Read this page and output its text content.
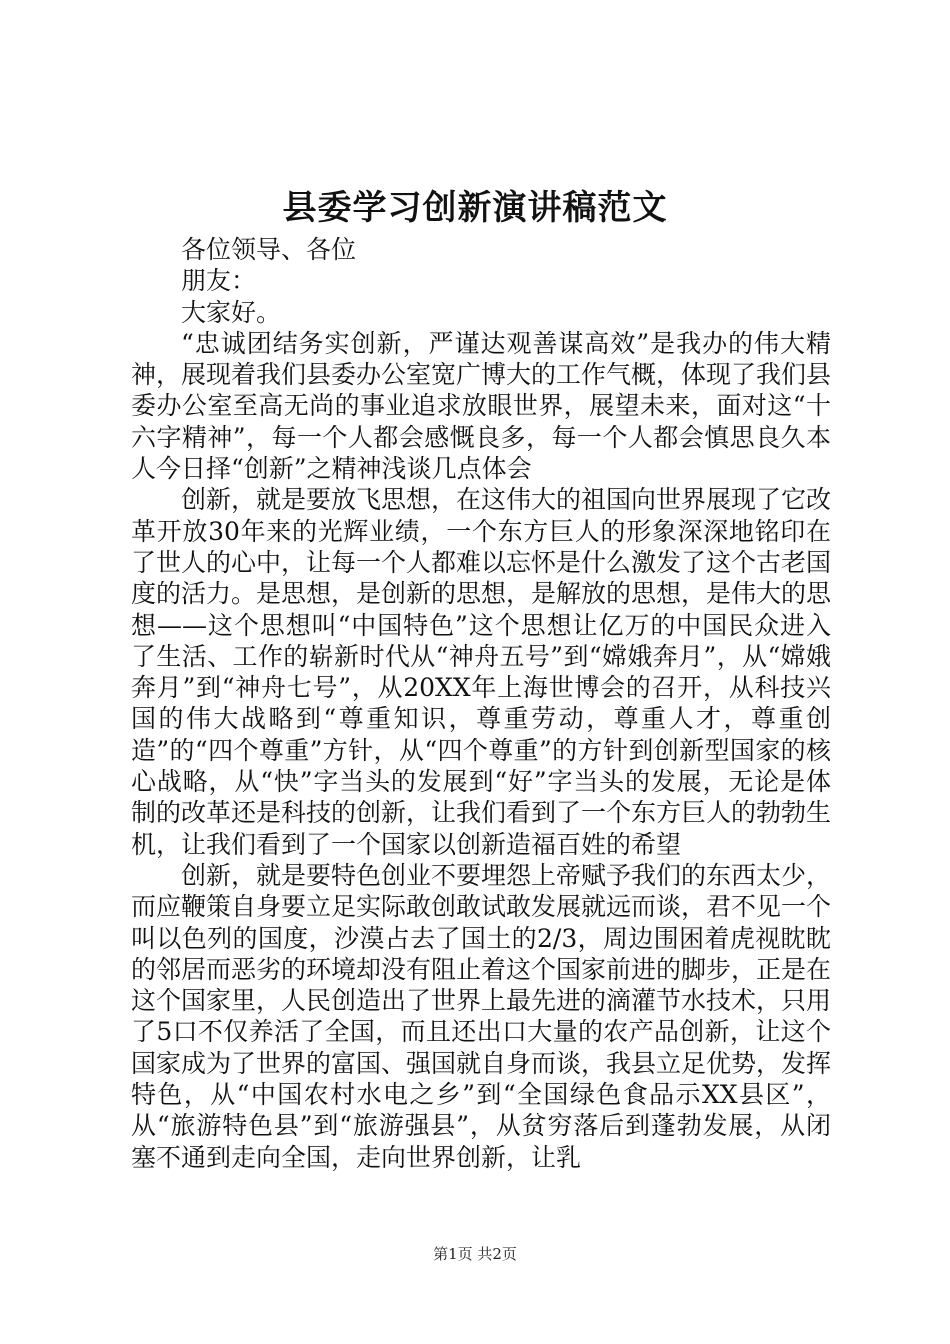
县委学习创新演讲稿范文

各位领导、各位

朋友：

大家好。

“忠诚团结务实创新，严谨达观善谋高效”是我办的伟大精神，展现着我们县委办公室宽广博大的工作气概，体现了我们县委办公室至高无尚的事业追求放眼世界，展望未来，面对这“十六字精神”，每一个人都会感慨良多，每一个人都会慎思良久本人今日择“创新”之精神浅谈几点体会

创新，就是要放飞思想，在这伟大的祖国向世界展现了它改革开放30年来的光辉业绩，一个东方巨人的形象深深地铭印在了世人的心中，让每一个人都难以忘怀是什么激发了这个古老国度的活力。是思想，是创新的思想，是解放的思想，是伟大的思想——这个思想叫“中国特色”这个思想让亿万的中国民众进入了生活、工作的崭新时代从“神舟五号”到“嫦娥奔月”，从“嫦娥奔月”到“神舟七号”，从20XX年上海世博会的召开，从科技兴国的伟大战略到“尊重知识，尊重劳动，尊重人才，尊重创造”的“四个尊重”方针，从“四个尊重”的方针到创新型国家的核心战略，从“快”字当头的发展到“好”字当头的发展，无论是体制的改革还是科技的创新，让我们看到了一个东方巨人的勃勃生机，让我们看到了一个国家以创新造福百姓的希望

创新，就是要特色创业不要埋怨上帝赋予我们的东西太少，而应鞭策自身要立足实际敢创敢试敢发展就远而谈，君不见一个叫以色列的国度，沙漠占去了国土的2/3，周边围困着虎视眈眈的邻居而恶劣的环境却没有阻止着这个国家前进的脚步，正是在这个国家里，人民创造出了世界上最先进的滴灌节水技术，只用了5口不仅养活了全国，而且还出口大量的农产品创新，让这个国家成为了世界的富国、强国就自身而谈，我县立足优势，发挥特色，从“中国农村水电之乡”到“全国绿色食品示XX县区”，从“旅游特色县”到“旅游强县”，从贫穷落后到蓬勃发展，从闭塞不通到走向全国，走向世界创新，让乳

第1页 共2页
